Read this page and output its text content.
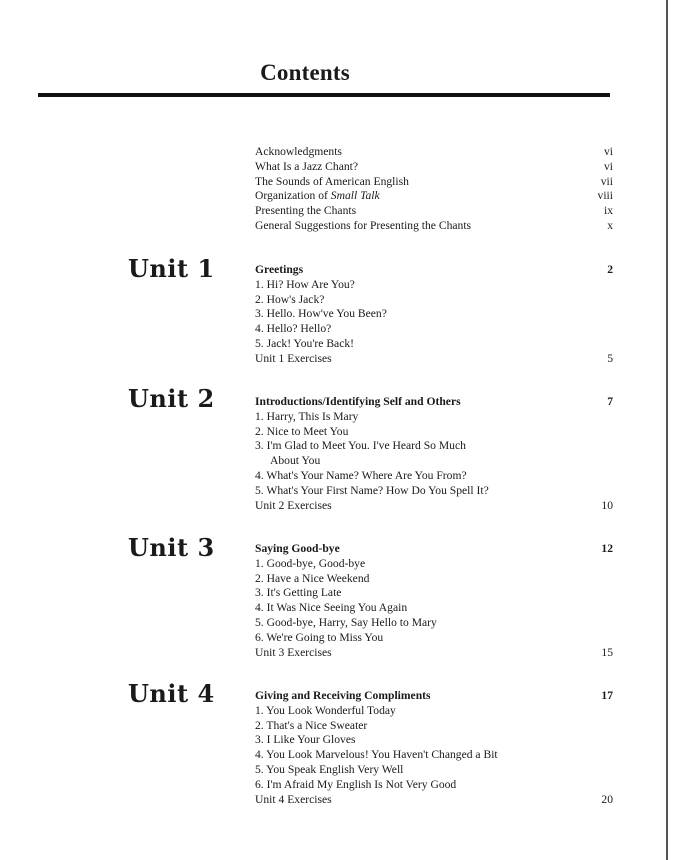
Contents
Acknowledgments	vi
What Is a Jazz Chant?	vi
The Sounds of American English	vii
Organization of Small Talk	viii
Presenting the Chants	ix
General Suggestions for Presenting the Chants	x
Unit 1	Greetings	2
1. Hi? How Are You?
2. How's Jack?
3. Hello. How've You Been?
4. Hello? Hello?
5. Jack! You're Back!
Unit 1 Exercises	5
Unit 2	Introductions/Identifying Self and Others	7
1. Harry, This Is Mary
2. Nice to Meet You
3. I'm Glad to Meet You. I've Heard So Much
About You
4. What's Your Name? Where Are You From?
5. What's Your First Name? How Do You Spell It?
Unit 2 Exercises	10
Unit 3	Saying Good-bye	12
1. Good-bye, Good-bye
2. Have a Nice Weekend
3. It's Getting Late
4. It Was Nice Seeing You Again
5. Good-bye, Harry, Say Hello to Mary
6. We're Going to Miss You
Unit 3 Exercises	15
Unit 4	Giving and Receiving Compliments	17
1. You Look Wonderful Today
2. That's a Nice Sweater
3. I Like Your Gloves
4. You Look Marvelous! You Haven't Changed a Bit
5. You Speak English Very Well
6. I'm Afraid My English Is Not Very Good
Unit 4 Exercises	20
